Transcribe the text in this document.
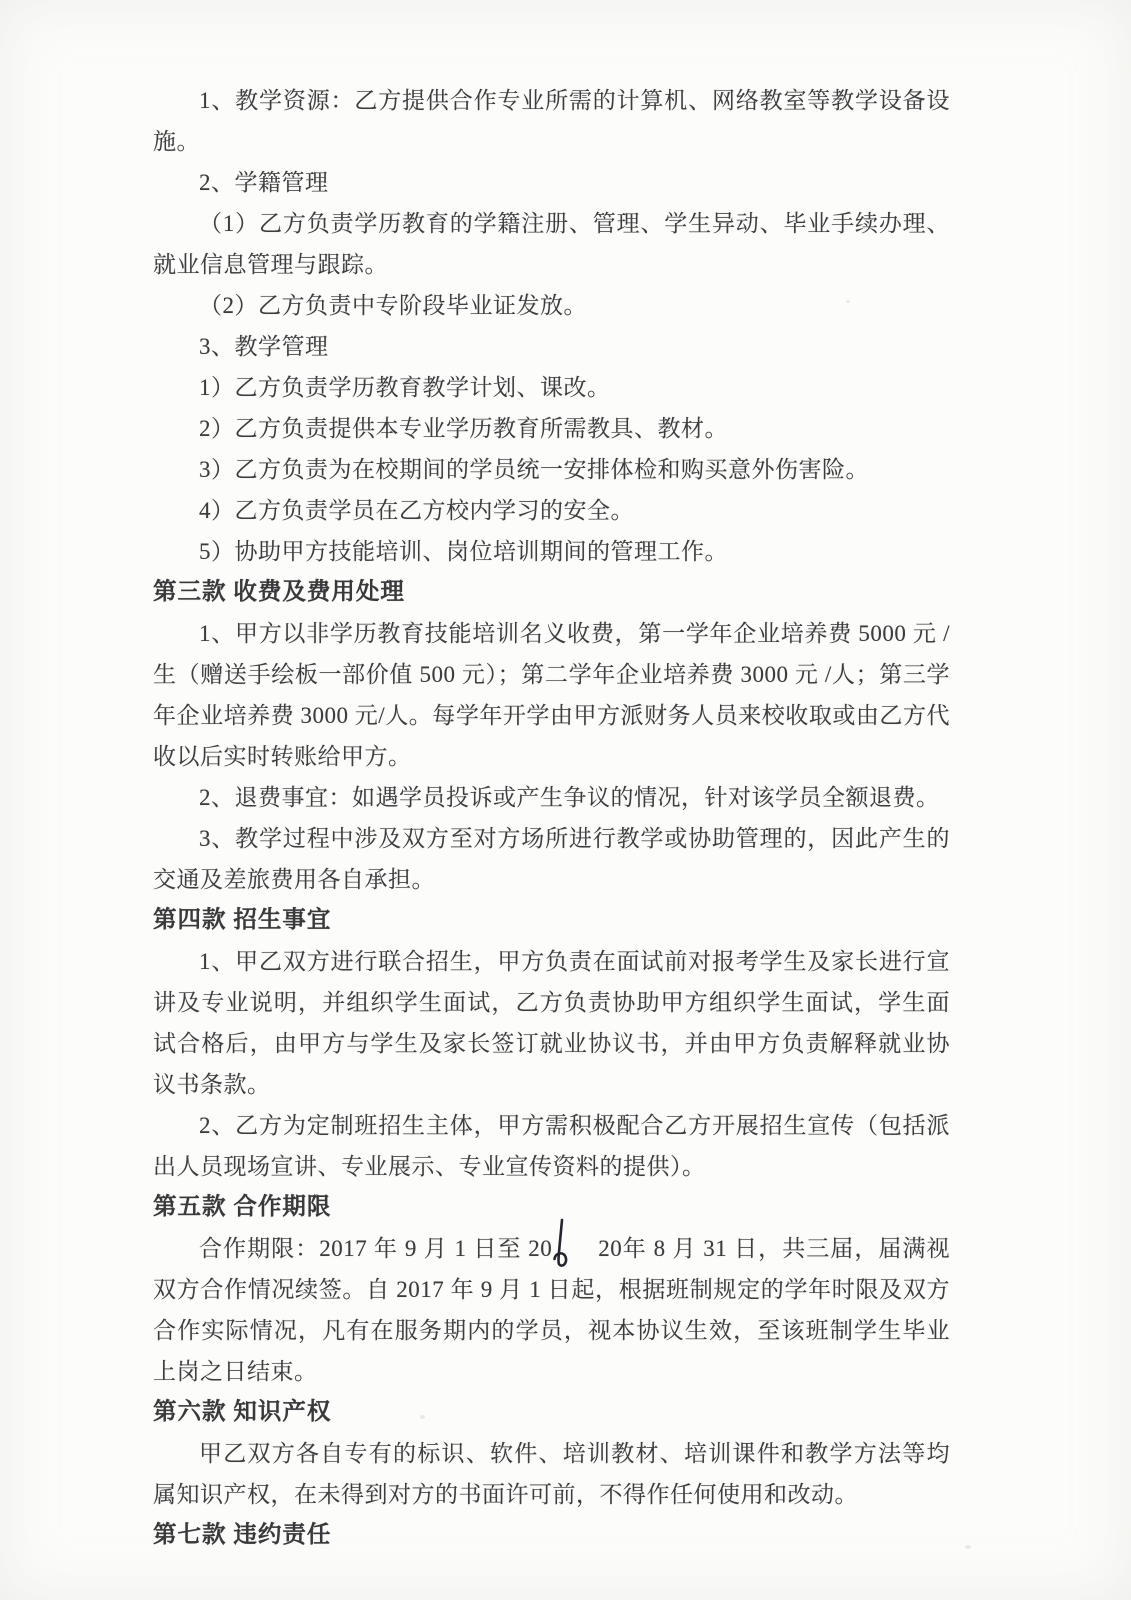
1、教学资源：乙方提供合作专业所需的计算机、网络教室等教学设备设施。

2、学籍管理

（1）乙方负责学历教育的学籍注册、管理、学生异动、毕业手续办理、就业信息管理与跟踪。

（2）乙方负责中专阶段毕业证发放。

3、教学管理

1）乙方负责学历教育教学计划、课改。

2）乙方负责提供本专业学历教育所需教具、教材。

3）乙方负责为在校期间的学员统一安排体检和购买意外伤害险。

4）乙方负责学员在乙方校内学习的安全。

5）协助甲方技能培训、岗位培训期间的管理工作。

第三款 收费及费用处理

1、甲方以非学历教育技能培训名义收费，第一学年企业培养费 5000 元 /生（赠送手绘板一部价值 500 元）；第二学年企业培养费 3000 元 /人；第三学年企业培养费 3000 元/人。每学年开学由甲方派财务人员来校收取或由乙方代收以后实时转账给甲方。

2、退费事宜：如遇学员投诉或产生争议的情况，针对该学员全额退费。

3、教学过程中涉及双方至对方场所进行教学或协助管理的，因此产生的交通及差旅费用各自承担。

第四款 招生事宜

1、甲乙双方进行联合招生，甲方负责在面试前对报考学生及家长进行宣讲及专业说明，并组织学生面试，乙方负责协助甲方组织学生面试，学生面试合格后，由甲方与学生及家长签订就业协议书，并由甲方负责解释就业协议书条款。

2、乙方为定制班招生主体，甲方需积极配合乙方开展招生宣传（包括派出人员现场宣讲、专业展示、专业宣传资料的提供）。

第五款 合作期限

合作期限：2017 年 9 月 1 日至 20 20
年 8 月 31 日，共三届，届满视双方合作情况续签。自 2017 年 9 月 1 日起，根据班制规定的学年时限及双方合作实际情况，凡有在服务期内的学员，视本协议生效，至该班制学生毕业上岗之日结束。

第六款 知识产权

甲乙双方各自专有的标识、软件、培训教材、培训课件和教学方法等均属知识产权，在未得到对方的书面许可前，不得作任何使用和改动。

第七款 违约责任
